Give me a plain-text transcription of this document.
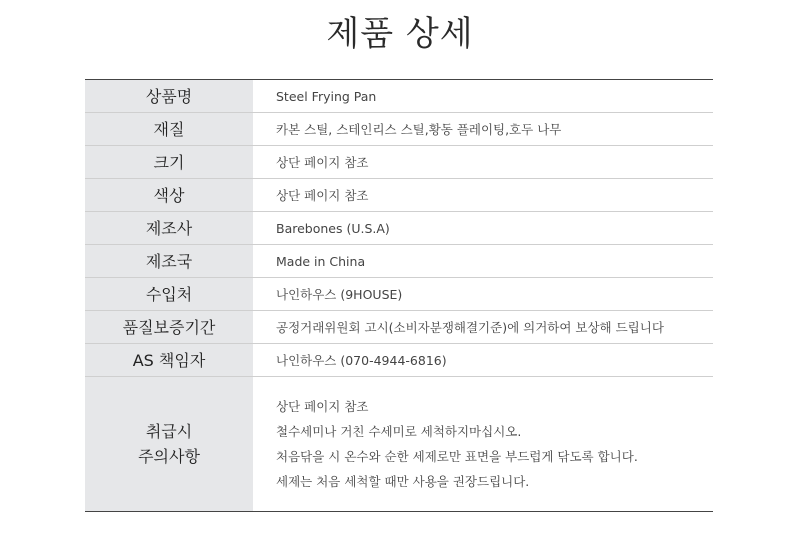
제품 상세
상품명	Steel Frying Pan
재질	카본 스틸, 스테인리스 스틸,황동 플레이팅,호두 나무
크기	상단 페이지 참조
색상	상단 페이지 참조
제조사	Barebones (U.S.A)
제조국	Made in China
수입처	나인하우스 (9HOUSE)
품질보증기간	공정거래위원회 고시(소비자분쟁해결기준)에 의거하여 보상해 드립니다
AS 책임자	나인하우스 (070-4944-6816)

취급시
주의사항	상단 페이지 참조
철수세미나 거친 수세미로 세척하지마십시오.
처음닦을 시 온수와 순한 세제로만 표면을 부드럽게 닦도록 합니다.
세제는 처음 세척할 때만 사용을 권장드립니다.
